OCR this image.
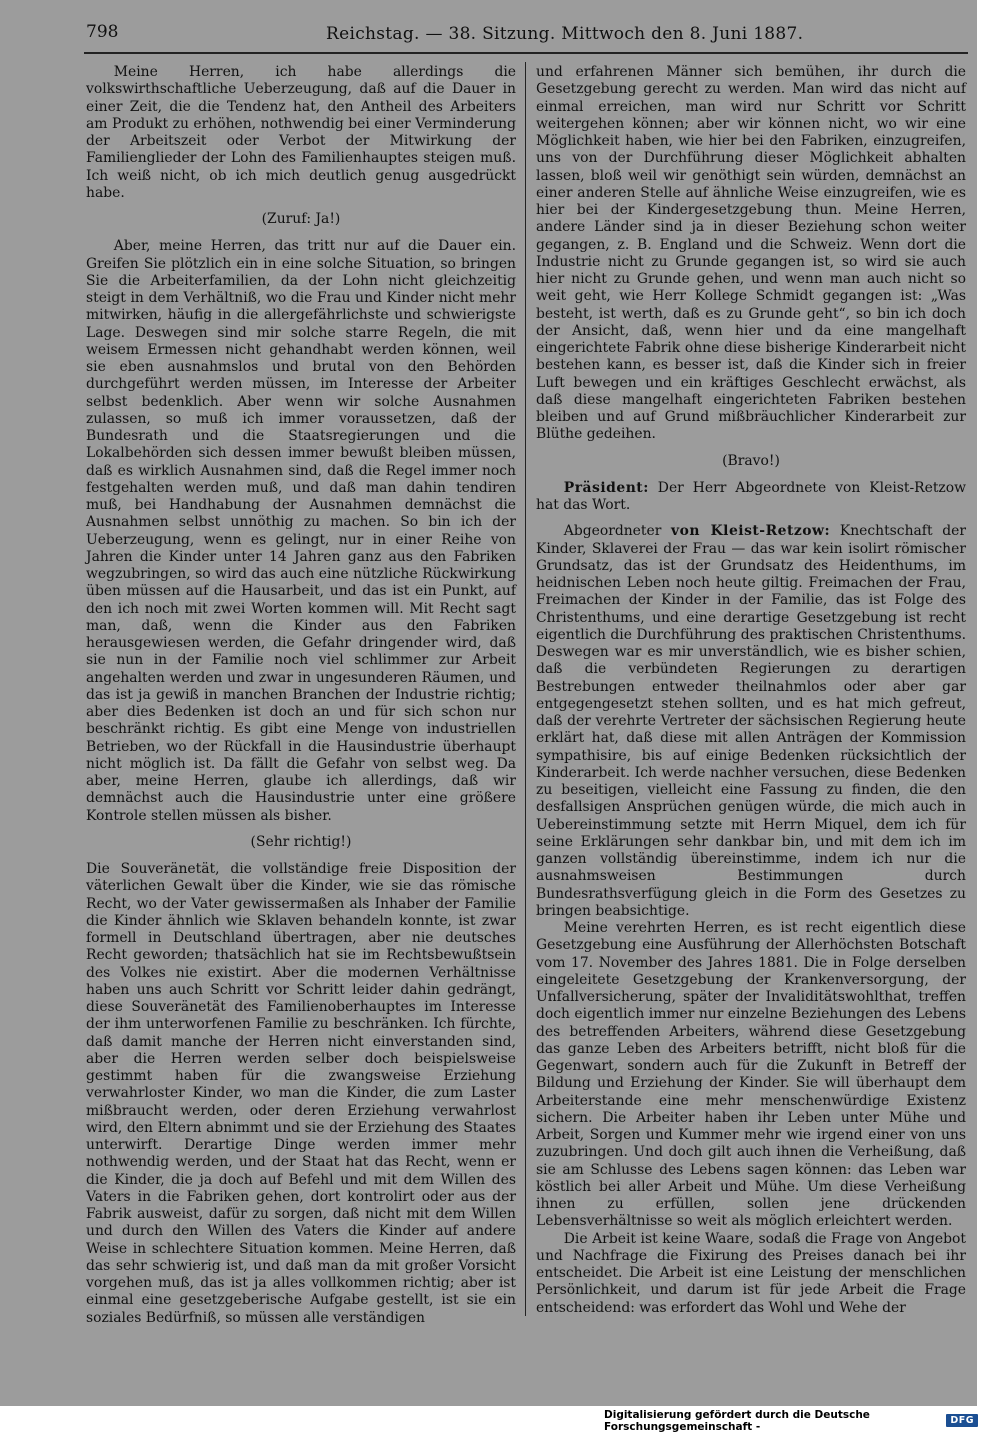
798	Reichstag. — 38. Sitzung. Mittwoch den 8. Juni 1887.

Meine Herren, ich habe allerdings die volkswirthschaftliche Ueberzeugung, daß auf die Dauer in einer Zeit, die die Tendenz hat, den Antheil des Arbeiters am Produkt zu erhöhen, nothwendig bei einer Verminderung der Arbeitszeit oder Verbot der Mitwirkung der Familienglieder der Lohn des Familienhauptes steigen muß. Ich weiß nicht, ob ich mich deutlich genug ausgedrückt habe.

(Zuruf: Ja!)

Aber, meine Herren, das tritt nur auf die Dauer ein. Greifen Sie plötzlich ein in eine solche Situation, so bringen Sie die Arbeiterfamilien, da der Lohn nicht gleichzeitig steigt in dem Verhältniß, wo die Frau und Kinder nicht mehr mitwirken, häufig in die allergefährlichste und schwierigste Lage. Deswegen sind mir solche starre Regeln, die mit weisem Ermessen nicht gehandhabt werden können, weil sie eben ausnahmslos und brutal von den Behörden durchgeführt werden müssen, im Interesse der Arbeiter selbst bedenklich. Aber wenn wir solche Ausnahmen zulassen, so muß ich immer voraussetzen, daß der Bundesrath und die Staatsregierungen und die Lokalbehörden sich dessen immer bewußt bleiben müssen, daß es wirklich Ausnahmen sind, daß die Regel immer noch festgehalten werden muß, und daß man dahin tendiren muß, bei Handhabung der Ausnahmen demnächst die Ausnahmen selbst unnöthig zu machen. So bin ich der Ueberzeugung, wenn es gelingt, nur in einer Reihe von Jahren die Kinder unter 14 Jahren ganz aus den Fabriken wegzubringen, so wird das auch eine nützliche Rückwirkung üben müssen auf die Hausarbeit, und das ist ein Punkt, auf den ich noch mit zwei Worten kommen will. Mit Recht sagt man, daß, wenn die Kinder aus den Fabriken herausgewiesen werden, die Gefahr dringender wird, daß sie nun in der Familie noch viel schlimmer zur Arbeit angehalten werden und zwar in ungesunderen Räumen, und das ist ja gewiß in manchen Branchen der Industrie richtig; aber dies Bedenken ist doch an und für sich schon nur beschränkt richtig. Es gibt eine Menge von industriellen Betrieben, wo der Rückfall in die Hausindustrie überhaupt nicht möglich ist. Da fällt die Gefahr von selbst weg. Da aber, meine Herren, glaube ich allerdings, daß wir demnächst auch die Hausindustrie unter eine größere Kontrole stellen müssen als bisher.

(Sehr richtig!)

Die Souveränetät, die vollständige freie Disposition der väterlichen Gewalt über die Kinder, wie sie das römische Recht, wo der Vater gewissermaßen als Inhaber der Familie die Kinder ähnlich wie Sklaven behandeln konnte, ist zwar formell in Deutschland übertragen, aber nie deutsches Recht geworden; thatsächlich hat sie im Rechtsbewußtsein des Volkes nie existirt. Aber die modernen Verhältnisse haben uns auch Schritt vor Schritt leider dahin gedrängt, diese Souveränetät des Familienoberhauptes im Interesse der ihm unterworfenen Familie zu beschränken. Ich fürchte, daß damit manche der Herren nicht einverstanden sind, aber die Herren werden selber doch beispielsweise gestimmt haben für die zwangsweise Erziehung verwahrloster Kinder, wo man die Kinder, die zum Laster mißbraucht werden, oder deren Erziehung verwahrlost wird, den Eltern abnimmt und sie der Erziehung des Staates unterwirft. Derartige Dinge werden immer mehr nothwendig werden, und der Staat hat das Recht, wenn er die Kinder, die ja doch auf Befehl und mit dem Willen des Vaters in die Fabriken gehen, dort kontrolirt oder aus der Fabrik ausweist, dafür zu sorgen, daß nicht mit dem Willen und durch den Willen des Vaters die Kinder auf andere Weise in schlechtere Situation kommen. Meine Herren, daß das sehr schwierig ist, und daß man da mit großer Vorsicht vorgehen muß, das ist ja alles vollkommen richtig; aber ist einmal eine gesetzgeberische Aufgabe gestellt, ist sie ein soziales Bedürfniß, so müssen alle verständigen

und erfahrenen Männer sich bemühen, ihr durch die Gesetzgebung gerecht zu werden. Man wird das nicht auf einmal erreichen, man wird nur Schritt vor Schritt weitergehen können; aber wir können nicht, wo wir eine Möglichkeit haben, wie hier bei den Fabriken, einzugreifen, uns von der Durchführung dieser Möglichkeit abhalten lassen, bloß weil wir genöthigt sein würden, demnächst an einer anderen Stelle auf ähnliche Weise einzugreifen, wie es hier bei der Kindergesetzgebung thun. Meine Herren, andere Länder sind ja in dieser Beziehung schon weiter gegangen, z. B. England und die Schweiz. Wenn dort die Industrie nicht zu Grunde gegangen ist, so wird sie auch hier nicht zu Grunde gehen, und wenn man auch nicht so weit geht, wie Herr Kollege Schmidt gegangen ist: „Was besteht, ist werth, daß es zu Grunde geht“, so bin ich doch der Ansicht, daß, wenn hier und da eine mangelhaft eingerichtete Fabrik ohne diese bisherige Kinderarbeit nicht bestehen kann, es besser ist, daß die Kinder sich in freier Luft bewegen und ein kräftiges Geschlecht erwächst, als daß diese mangelhaft eingerichteten Fabriken bestehen bleiben und auf Grund mißbräuchlicher Kinderarbeit zur Blüthe gedeihen.

(Bravo!)

Präsident: Der Herr Abgeordnete von Kleist-Retzow hat das Wort.

Abgeordneter von Kleist-Retzow: Knechtschaft der Kinder, Sklaverei der Frau — das war kein isolirt römischer Grundsatz, das ist der Grundsatz des Heidenthums, im heidnischen Leben noch heute giltig. Freimachen der Frau, Freimachen der Kinder in der Familie, das ist Folge des Christenthums, und eine derartige Gesetzgebung ist recht eigentlich die Durchführung des praktischen Christenthums. Deswegen war es mir unverständlich, wie es bisher schien, daß die verbündeten Regierungen zu derartigen Bestrebungen entweder theilnahmlos oder aber gar entgegengesetzt stehen sollten, und es hat mich gefreut, daß der verehrte Vertreter der sächsischen Regierung heute erklärt hat, daß diese mit allen Anträgen der Kommission sympathisire, bis auf einige Bedenken rücksichtlich der Kinderarbeit. Ich werde nachher versuchen, diese Bedenken zu beseitigen, vielleicht eine Fassung zu finden, die den desfallsigen Ansprüchen genügen würde, die mich auch in Uebereinstimmung setzte mit Herrn Miquel, dem ich für seine Erklärungen sehr dankbar bin, und mit dem ich im ganzen vollständig übereinstimme, indem ich nur die ausnahmsweisen Bestimmungen durch Bundesrathsverfügung gleich in die Form des Gesetzes zu bringen beabsichtige.

Meine verehrten Herren, es ist recht eigentlich diese Gesetzgebung eine Ausführung der Allerhöchsten Botschaft vom 17. November des Jahres 1881. Die in Folge derselben eingeleitete Gesetzgebung der Krankenversorgung, der Unfallversicherung, später der Invaliditätswohlthat, treffen doch eigentlich immer nur einzelne Beziehungen des Lebens des betreffenden Arbeiters, während diese Gesetzgebung das ganze Leben des Arbeiters betrifft, nicht bloß für die Gegenwart, sondern auch für die Zukunft in Betreff der Bildung und Erziehung der Kinder. Sie will überhaupt dem Arbeiterstande eine mehr menschenwürdige Existenz sichern. Die Arbeiter haben ihr Leben unter Mühe und Arbeit, Sorgen und Kummer mehr wie irgend einer von uns zuzubringen. Und doch gilt auch ihnen die Verheißung, daß sie am Schlusse des Lebens sagen können: das Leben war köstlich bei aller Arbeit und Mühe. Um diese Verheißung ihnen zu erfüllen, sollen jene drückenden Lebensverhältnisse so weit als möglich erleichtert werden.

Die Arbeit ist keine Waare, sodaß die Frage von Angebot und Nachfrage die Fixirung des Preises danach bei ihr entscheidet. Die Arbeit ist eine Leistung der menschlichen Persönlichkeit, und darum ist für jede Arbeit die Frage entscheidend: was erfordert das Wohl und Wehe der

Digitalisierung gefördert durch die Deutsche Forschungsgemeinschaft -	DFG
